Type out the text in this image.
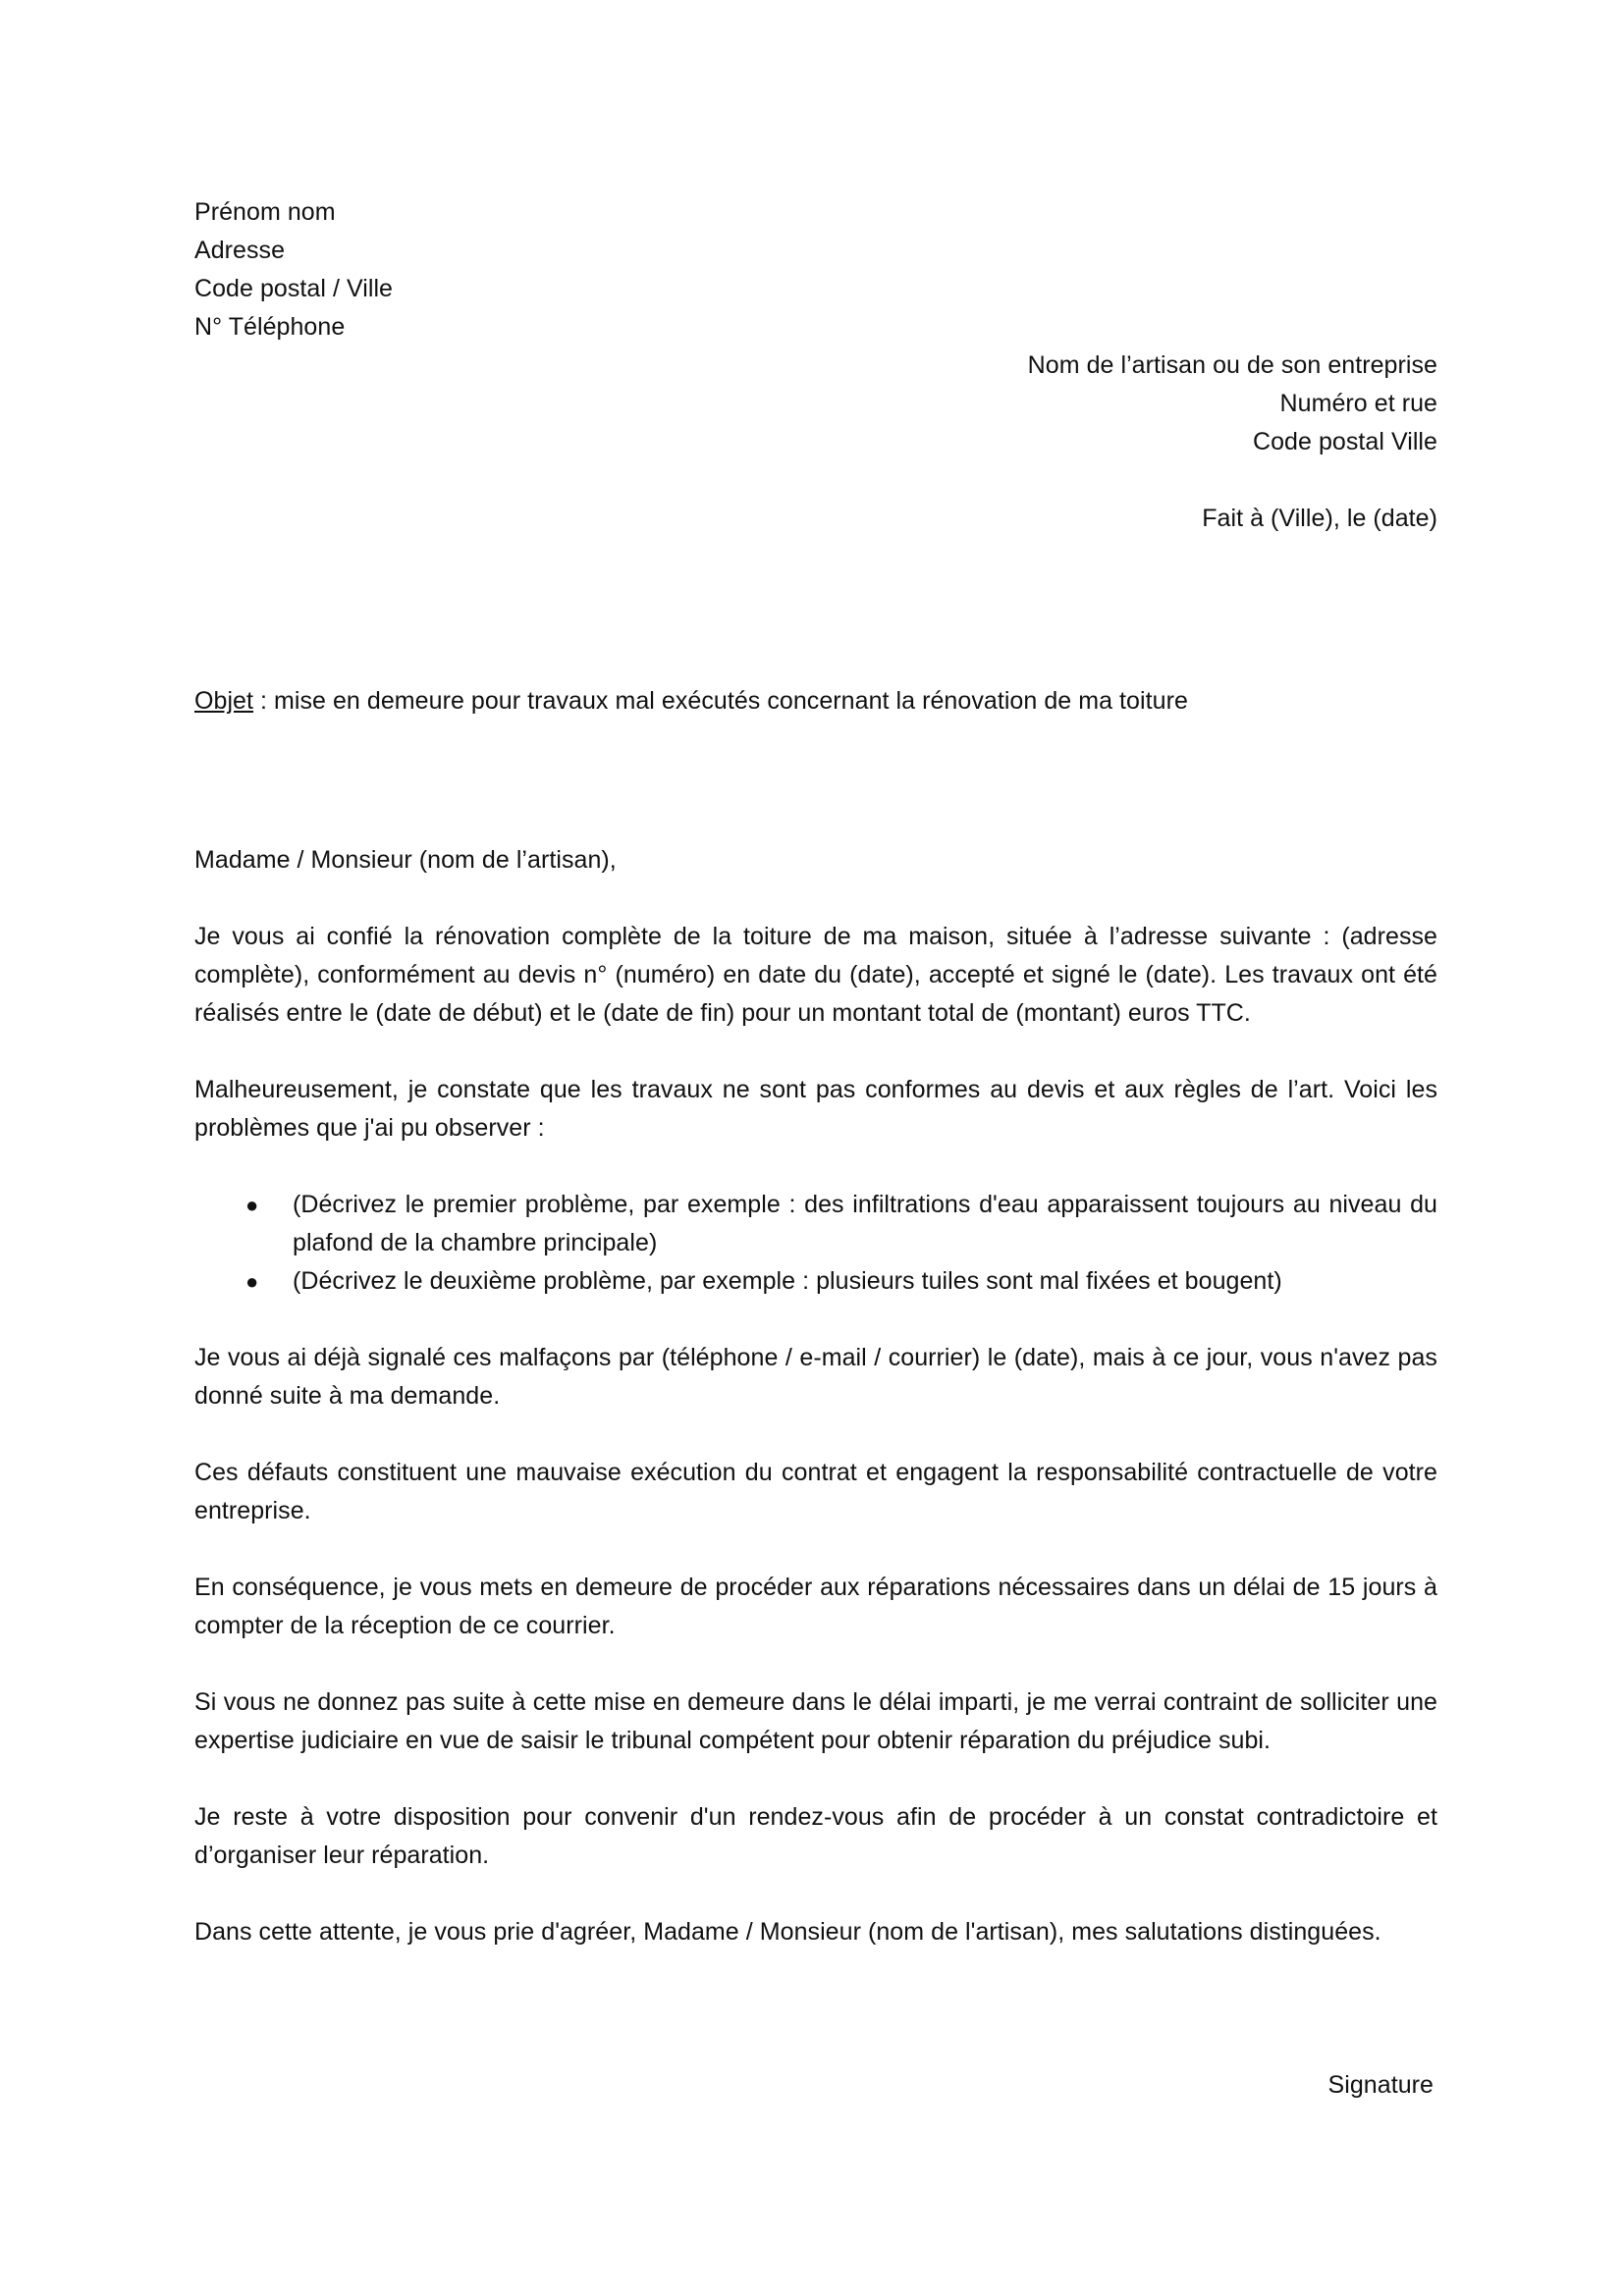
Prénom nom
Adresse
Code postal / Ville
N° Téléphone
Nom de l’artisan ou de son entreprise
Numéro et rue
Code postal Ville
Fait à (Ville), le (date)
Objet : mise en demeure pour travaux mal exécutés concernant la rénovation de ma toiture
Madame / Monsieur (nom de l’artisan),

Je vous ai confié la rénovation complète de la toiture de ma maison, située à l’adresse suivante : (adresse complète), conformément au devis n° (numéro) en date du (date), accepté et signé le (date). Les travaux ont été réalisés entre le (date de début) et le (date de fin) pour un montant total de (montant) euros TTC.

Malheureusement, je constate que les travaux ne sont pas conformes au devis et aux règles de l’art. Voici les problèmes que j'ai pu observer :

● (Décrivez le premier problème, par exemple : des infiltrations d'eau apparaissent toujours au niveau du plafond de la chambre principale)
● (Décrivez le deuxième problème, par exemple : plusieurs tuiles sont mal fixées et bougent)

Je vous ai déjà signalé ces malfaçons par (téléphone / e-mail / courrier) le (date), mais à ce jour, vous n'avez pas donné suite à ma demande.

Ces défauts constituent une mauvaise exécution du contrat et engagent la responsabilité contractuelle de votre entreprise.

En conséquence, je vous mets en demeure de procéder aux réparations nécessaires dans un délai de 15 jours à compter de la réception de ce courrier.

Si vous ne donnez pas suite à cette mise en demeure dans le délai imparti, je me verrai contraint de solliciter une expertise judiciaire en vue de saisir le tribunal compétent pour obtenir réparation du préjudice subi.

Je reste à votre disposition pour convenir d'un rendez-vous afin de procéder à un constat contradictoire et d’organiser leur réparation.

Dans cette attente, je vous prie d'agréer, Madame / Monsieur (nom de l'artisan), mes salutations distinguées.
Signature
